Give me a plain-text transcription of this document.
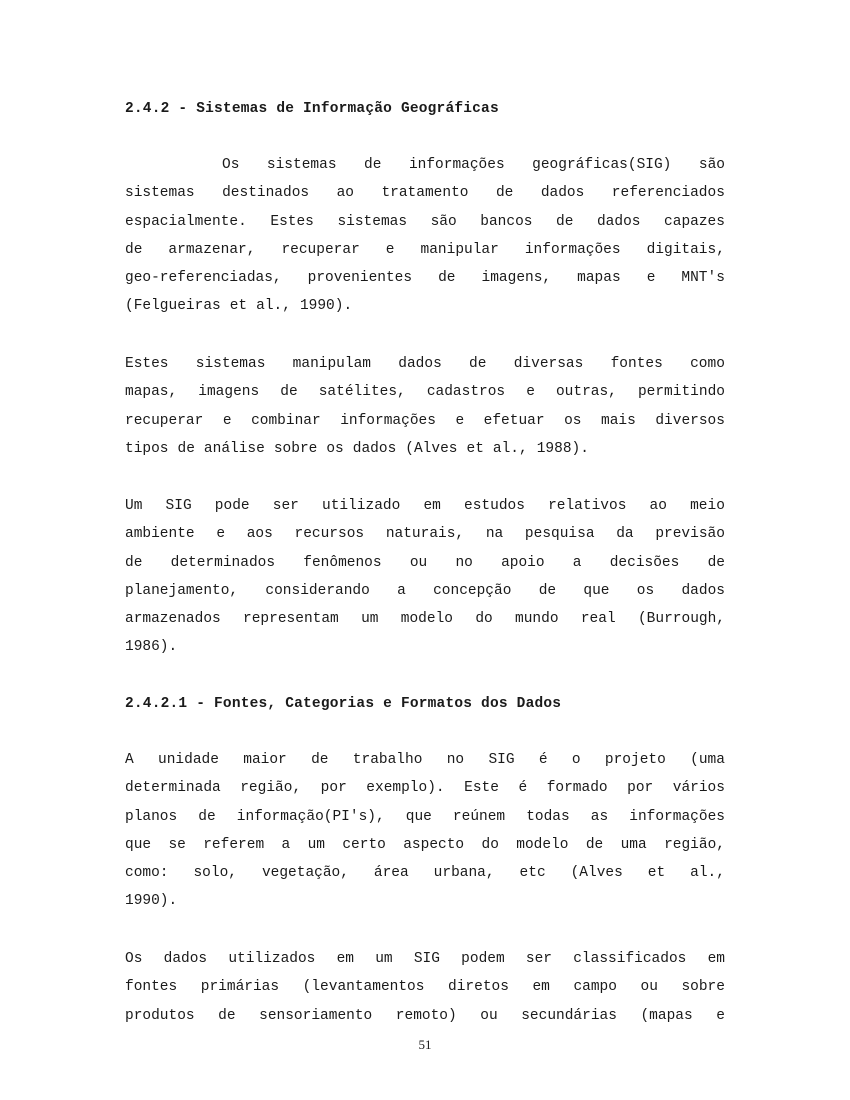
2.4.2 - Sistemas de Informação Geográficas
Os sistemas de informações geográficas(SIG) são
sistemas destinados ao tratamento de dados referenciados
espacialmente. Estes sistemas são bancos de dados capazes
de armazenar, recuperar e manipular informações digitais,
geo-referenciadas, provenientes de imagens, mapas e MNT's
(Felgueiras et al., 1990).
Estes sistemas manipulam dados de diversas fontes como
mapas, imagens de satélites, cadastros e outras, permitindo
recuperar e combinar informações e efetuar os mais diversos
tipos de análise sobre os dados (Alves et al., 1988).
Um SIG pode ser utilizado em estudos relativos ao meio
ambiente e aos recursos naturais, na pesquisa da previsão
de determinados fenômenos ou no apoio a decisões de
planejamento, considerando a concepção de que os dados
armazenados representam um modelo do mundo real (Burrough,
1986).
2.4.2.1 - Fontes, Categorias e Formatos dos Dados
A unidade maior de trabalho no SIG é o projeto (uma
determinada região, por exemplo). Este é formado por vários
planos de informação(PI's), que reúnem todas as informações
que se referem a um certo aspecto do modelo de uma região,
como: solo, vegetação, área urbana, etc (Alves et al.,
1990).
Os dados utilizados em um SIG podem ser classificados em
fontes primárias (levantamentos diretos em campo ou sobre
produtos de sensoriamento remoto) ou secundárias (mapas e
51
